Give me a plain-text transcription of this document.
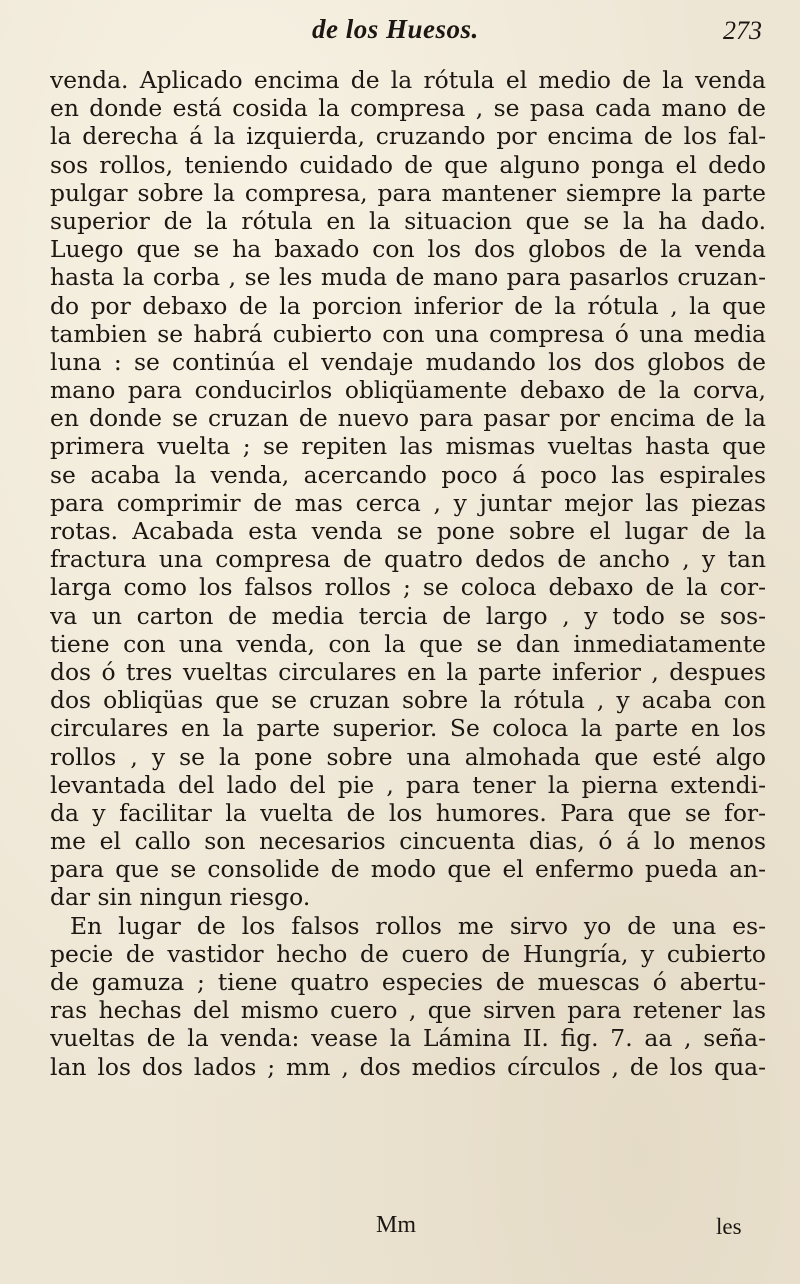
de los Huesos.	273
venda. Aplicado encima de la rótula el medio de la venda
en donde está cosida la compresa , se pasa cada mano de
la derecha á la izquierda, cruzando por encima de los fal-
sos rollos, teniendo cuidado de que alguno ponga el dedo
pulgar sobre la compresa, para mantener siempre la parte
superior de la rótula en la situacion que se la ha dado.
Luego que se ha baxado con los dos globos de la venda
hasta la corba , se les muda de mano para pasarlos cruzan-
do por debaxo de la porcion inferior de la rótula , la que
tambien se habrá cubierto con una compresa ó una media
luna : se continúa el vendaje mudando los dos globos de
mano para conducirlos obliqüamente debaxo de la corva,
en donde se cruzan de nuevo para pasar por encima de la
primera vuelta ; se repiten las mismas vueltas hasta que
se acaba la venda, acercando poco á poco las espirales
para comprimir de mas cerca , y juntar mejor las piezas
rotas. Acabada esta venda se pone sobre el lugar de la
fractura una compresa de quatro dedos de ancho , y tan
larga como los falsos rollos ; se coloca debaxo de la cor-
va un carton de media tercia de largo , y todo se sos-
tiene con una venda, con la que se dan inmediatamente
dos ó tres vueltas circulares en la parte inferior , despues
dos obliqüas que se cruzan sobre la rótula , y acaba con
circulares en la parte superior. Se coloca la parte en los
rollos , y se la pone sobre una almohada que esté algo
levantada del lado del pie , para tener la pierna extendi-
da y facilitar la vuelta de los humores. Para que se for-
me el callo son necesarios cincuenta dias, ó á lo menos
para que se consolide de modo que el enfermo pueda an-
dar sin ningun riesgo.
En lugar de los falsos rollos me sirvo yo de una es-
pecie de vastidor hecho de cuero de Hungría, y cubierto
de gamuza ; tiene quatro especies de muescas ó abertu-
ras hechas del mismo cuero , que sirven para retener las
vueltas de la venda: vease la Lámina II. fig. 7. aa , seña-
lan los dos lados ; mm , dos medios círculos , de los qua-
Mm	les
